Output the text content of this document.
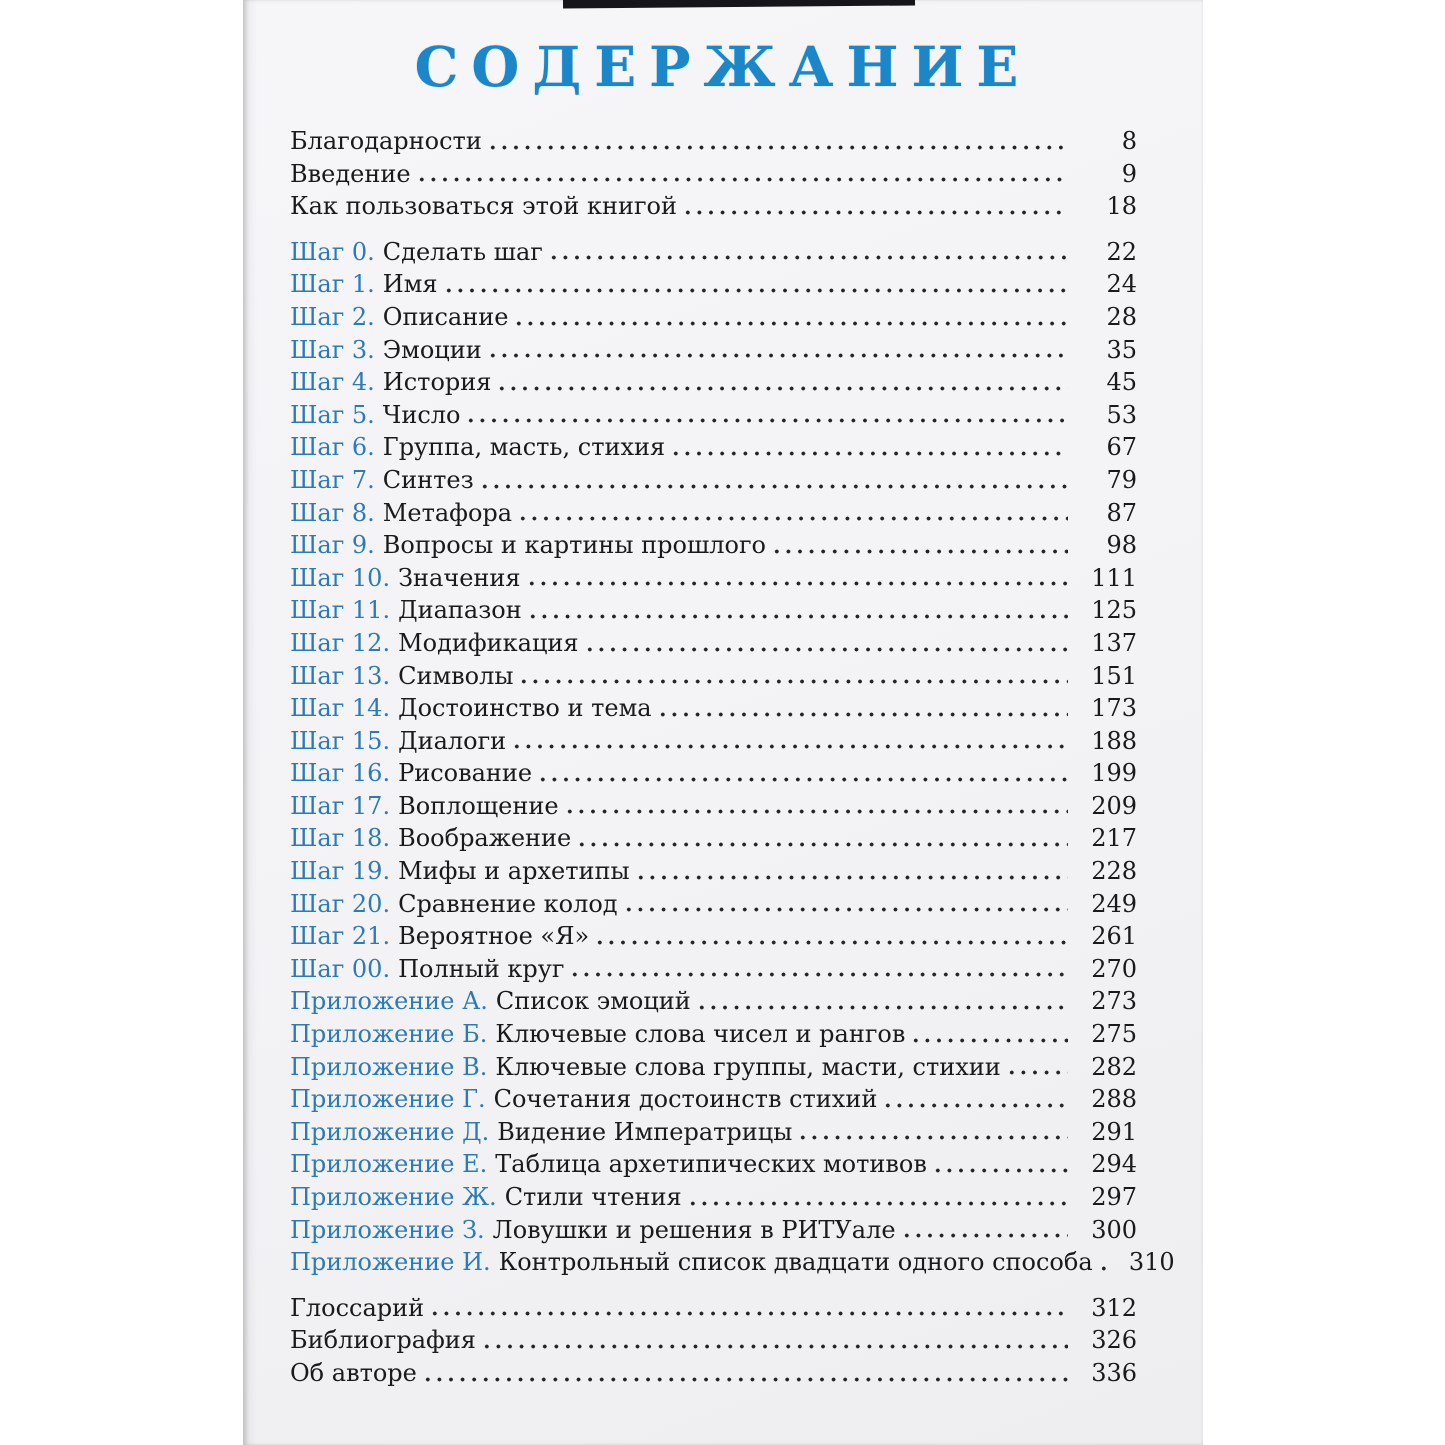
СОДЕРЖАНИЕ
Благодарности	8
Введение	9
Как пользоваться этой книгой	18
Шаг 0. Сделать шаг	22
Шаг 1. Имя	24
Шаг 2. Описание	28
Шаг 3. Эмоции	35
Шаг 4. История	45
Шаг 5. Число	53
Шаг 6. Группа, масть, стихия	67
Шаг 7. Синтез	79
Шаг 8. Метафора	87
Шаг 9. Вопросы и картины прошлого	98
Шаг 10. Значения	111
Шаг 11. Диапазон	125
Шаг 12. Модификация	137
Шаг 13. Символы	151
Шаг 14. Достоинство и тема	173
Шаг 15. Диалоги	188
Шаг 16. Рисование	199
Шаг 17. Воплощение	209
Шаг 18. Воображение	217
Шаг 19. Мифы и архетипы	228
Шаг 20. Сравнение колод	249
Шаг 21. Вероятное «Я»	261
Шаг 00. Полный круг	270
Приложение А. Список эмоций	273
Приложение Б. Ключевые слова чисел и рангов	275
Приложение В. Ключевые слова группы, масти, стихии	282
Приложение Г. Сочетания достоинств стихий	288
Приложение Д. Видение Императрицы	291
Приложение Е. Таблица архетипических мотивов	294
Приложение Ж. Стили чтения	297
Приложение З. Ловушки и решения в РИТУале	300
Приложение И. Контрольный список двадцати одного способа	310
Глоссарий	312
Библиография	326
Об авторе	336
